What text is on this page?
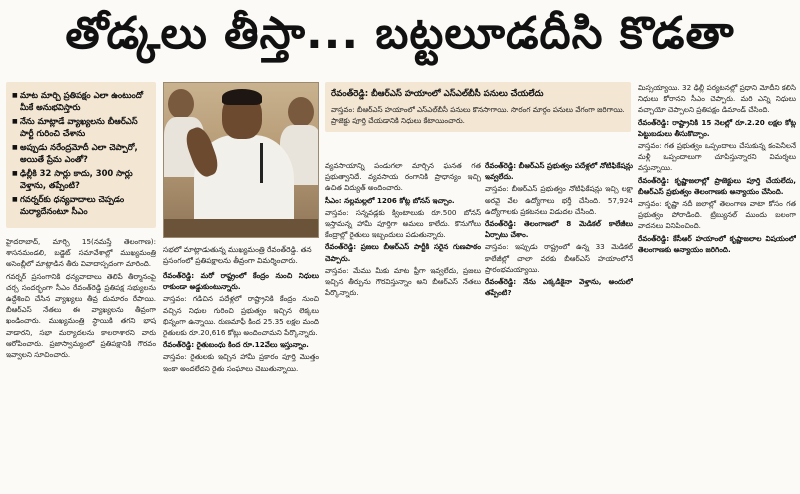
తోడ్కలు తీస్తా... బట్టలూడదీసి కొడతా
■ మాట మార్చి ప్రతిపక్షం ఎలా ఉంటుందో మీకే అనుభవిస్తారు
■ నేను మాట్లాడే వ్యాఖ్యలను బీఆర్‌ఎస్ పార్టీ గురించి చేశాను
■ అప్పుడు నరేంద్రమోదీ ఎలా చెప్పారో, అయితే ప్రేమ ఎంతో?
■ ఢిల్లీకి 32 సార్లు కాదు, 300 సార్లు వెళ్తాను, తప్పేంటి?
■ గవర్నర్‌కు ధన్యవాదాలు చెప్పడం మర్యాదేనంటూ సీఎం

హైదరాబాద్, మార్చి 15(నమస్తే తెలంగాణ): శాసనమండలి, బడ్జెట్ సమావేశాల్లో ముఖ్యమంత్రి అసెంబ్లీలో మాట్లాడిన తీరు వివాదాస్పదంగా మారింది.

గవర్నర్ ప్రసంగానికి ధన్యవాదాలు తెలిపే తీర్మానంపై చర్చ సందర్భంగా సీఎం రేవంత్‌రెడ్డి ప్రతిపక్ష సభ్యులను ఉద్దేశించి చేసిన వ్యాఖ్యలు తీవ్ర దుమారం రేపాయి. బీఆర్‌ఎస్ నేతలు ఈ వ్యాఖ్యలను తీవ్రంగా ఖండించారు. ముఖ్యమంత్రి స్థాయికి తగని భాష వాడారని, సభా మర్యాదలను కాలరాశారని వారు ఆరోపించారు. ప్రజాస్వామ్యంలో ప్రతిపక్షానికి గౌరవం ఇవ్వాలని సూచించారు.

సభలో మాట్లాడుతున్న ముఖ్యమంత్రి రేవంత్‌రెడ్డి. తన ప్రసంగంలో ప్రతిపక్షాలను తీవ్రంగా విమర్శించారు.

రేవంత్‌రెడ్డి: మరో రాష్ట్రంలో కేంద్రం నుంచి నిధులు రాకుండా అడ్డుకుంటున్నారు.

వాస్తవం: గడిచిన పదేళ్లలో రాష్ట్రానికి కేంద్రం నుంచి వచ్చిన నిధుల గురించి ప్రభుత్వం ఇచ్చిన లెక్కలు భిన్నంగా ఉన్నాయి. రుణమాఫీ కింద 25.35 లక్షల మంది రైతులకు రూ.20,616 కోట్లు అందించామని పేర్కొన్నారు.

రేవంత్‌రెడ్డి: రైతుబంధు కింద రూ.12వేలు ఇస్తున్నాం.

వాస్తవం: రైతులకు ఇచ్చిన హామీ ప్రకారం పూర్తి మొత్తం ఇంకా అందలేదని రైతు సంఘాలు చెబుతున్నాయి.

రేవంత్‌రెడ్డి: బీఆర్‌ఎస్ హయాంలో ఎస్‌ఎల్‌బీసీ పనులు చేయలేదు
వాస్తవం: బీఆర్‌ఎస్ హయాంలో ఎస్‌ఎల్‌బీసీ పనులు కొనసాగాయి. సొరంగ మార్గం పనులు వేగంగా జరిగాయి. ప్రాజెక్టు పూర్తి చేయడానికి నిధులు కేటాయించారు.

వ్యవసాయాన్ని పండుగలా మార్చిన ఘనత గత ప్రభుత్వానిదే. వ్యవసాయ రంగానికి ప్రాధాన్యం ఇచ్చి ఉచిత విద్యుత్ అందించారు.

సీఎం: నల్లమల్లలో 1206 కోట్ల బోనస్ ఇచ్చాం.

వాస్తవం: సన్నవడ్లకు క్వింటాలుకు రూ.500 బోనస్ ఇస్తామన్న హామీ పూర్తిగా అమలు కాలేదు. కొనుగోలు కేంద్రాల్లో రైతులు ఇబ్బందులు పడుతున్నారు.

రేవంత్‌రెడ్డి: ప్రజలు బీఆర్‌ఎస్ పార్టీకి సరైన గుణపాఠం చెప్పారు.

వాస్తవం: మేము మీకు మాట ఫ్రీగా ఇవ్వలేదు, ప్రజలు ఇచ్చిన తీర్పును గౌరవిస్తున్నాం అని బీఆర్‌ఎస్ నేతలు పేర్కొన్నారు.

రేవంత్‌రెడ్డి: బీఆర్‌ఎస్ ప్రభుత్వం పదేళ్లలో నోటిఫికేషన్లు ఇవ్వలేదు.

వాస్తవం: బీఆర్‌ఎస్ ప్రభుత్వం నోటిఫికేషన్లు ఇచ్చి లక్షా అరవై వేల ఉద్యోగాలు భర్తీ చేసింది. 57,924 ఉద్యోగాలకు ప్రకటనలు విడుదల చేసింది.

రేవంత్‌రెడ్డి: తెలంగాణలో 8 మెడికల్ కాలేజీలు ఏర్పాటు చేశాం.

వాస్తవం: ఇప్పుడు రాష్ట్రంలో ఉన్న 33 మెడికల్ కాలేజీల్లో చాలా వరకు బీఆర్‌ఎస్ హయాంలోనే ప్రారంభమయ్యాయి.

రేవంత్‌రెడ్డి: నేను ఎక్కడికైనా వెళ్తాను, అందులో తప్పేంటి?

మిస్సయ్యాయి. 32 ఢిల్లీ పర్యటనల్లో ప్రధాని మోదీని కలిసి నిధులు కోరానని సీఎం చెప్పారు. మరి ఎన్ని నిధులు వచ్చాయో చెప్పాలని ప్రతిపక్షం డిమాండ్ చేసింది.

రేవంత్‌రెడ్డి: రాష్ట్రానికి 15 నెలల్లో రూ.2.20 లక్షల కోట్ల పెట్టుబడులు తీసుకొచ్చాం.

వాస్తవం: గత ప్రభుత్వం ఒప్పందాలు చేసుకున్న కంపెనీలనే మళ్లీ ఒప్పందాలుగా చూపిస్తున్నారని విమర్శలు వస్తున్నాయి.

రేవంత్‌రెడ్డి: కృష్ణాజలాల్లో ప్రాజెక్టులు పూర్తి చేయలేదు, బీఆర్‌ఎస్ ప్రభుత్వం తెలంగాణకు అన్యాయం చేసింది.

వాస్తవం: కృష్ణా నదీ జలాల్లో తెలంగాణ వాటా కోసం గత ప్రభుత్వం పోరాడింది. ట్రిబ్యునల్ ముందు బలంగా వాదనలు వినిపించింది.

రేవంత్‌రెడ్డి: కేసీఆర్ హయాంలో కృష్ణాజలాల విషయంలో తెలంగాణకు అన్యాయం జరిగింది.
